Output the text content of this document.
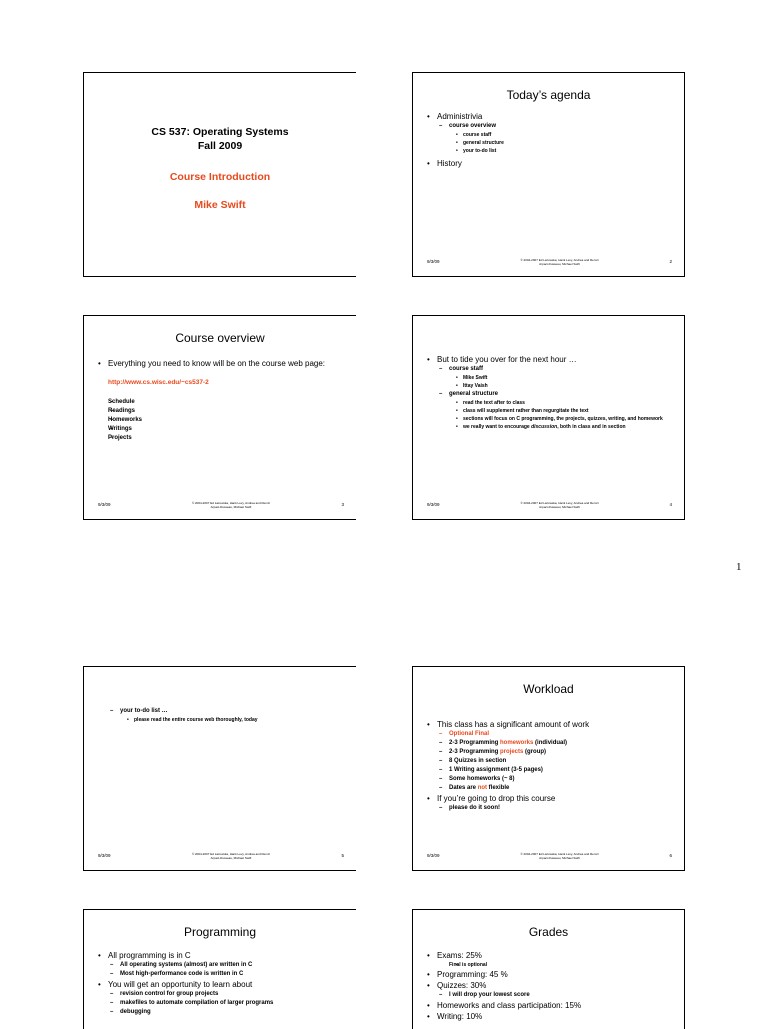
CS 537: Operating Systems
Fall 2009
Course Introduction
Mike Swift
Today’s agenda
• Administrivia
– course overview
• course staff
• general structure
• your to-do list
• History
9/3/09	© 2004-2007 Ed Lazowska, Hank Levy, Andrea and Remzi
Arpaci-Dusseau, Michael Swift	2
Course overview
• Everything you need to know will be on the course web page:
http://www.cs.wisc.edu/~cs537-2
– Schedule
– Readings
– Homeworks
– Writings
– Projects
9/3/09	© 2004-2007 Ed Lazowska, Hank Levy, Andrea and Remzi
Arpaci-Dusseau, Michael Swift	3
• But to tide you over for the next hour …
– course staff
• Mike Swift
• Ittay Vaish
– general structure
• read the text after to class
• class will supplement rather than regurgitate the text
• sections will focus on C programming, the projects, quizzes, writing, and homework
• we really want to encourage discussion, both in class and in section
9/3/09	© 2004-2007 Ed Lazowska, Hank Levy, Andrea and Remzi
Arpaci-Dusseau, Michael Swift	4
1
– your to-do list …
• please read the entire course web thoroughly, today
9/3/09	© 2004-2007 Ed Lazowska, Hank Levy, Andrea and Remzi
Arpaci-Dusseau, Michael Swift	5
Workload
• This class has a significant amount of work
– Optional Final
– 2-3 Programming homeworks (individual)
– 2-3 Programming projects (group)
– 8 Quizzes in section
– 1 Writing assignment (3-5 pages)
– Some homeworks (~ 8)
– Dates are not flexible
• If you’re going to drop this course
– please do it soon!
9/3/09	© 2004-2007 Ed Lazowska, Hank Levy, Andrea and Remzi
Arpaci-Dusseau, Michael Swift	6
Programming
• All programming is in C
– All operating systems (almost) are written in C
– Most high-performance code is written in C
• You will get an opportunity to learn about
– revision control for group projects
– makefiles to automate compilation of larger programs
– debugging
Grades
• Exams: 25%
• Final is optional
• Programming: 45 %
• Quizzes: 30%
– I will drop your lowest score
• Homeworks and class participation: 15%
• Writing: 10%
